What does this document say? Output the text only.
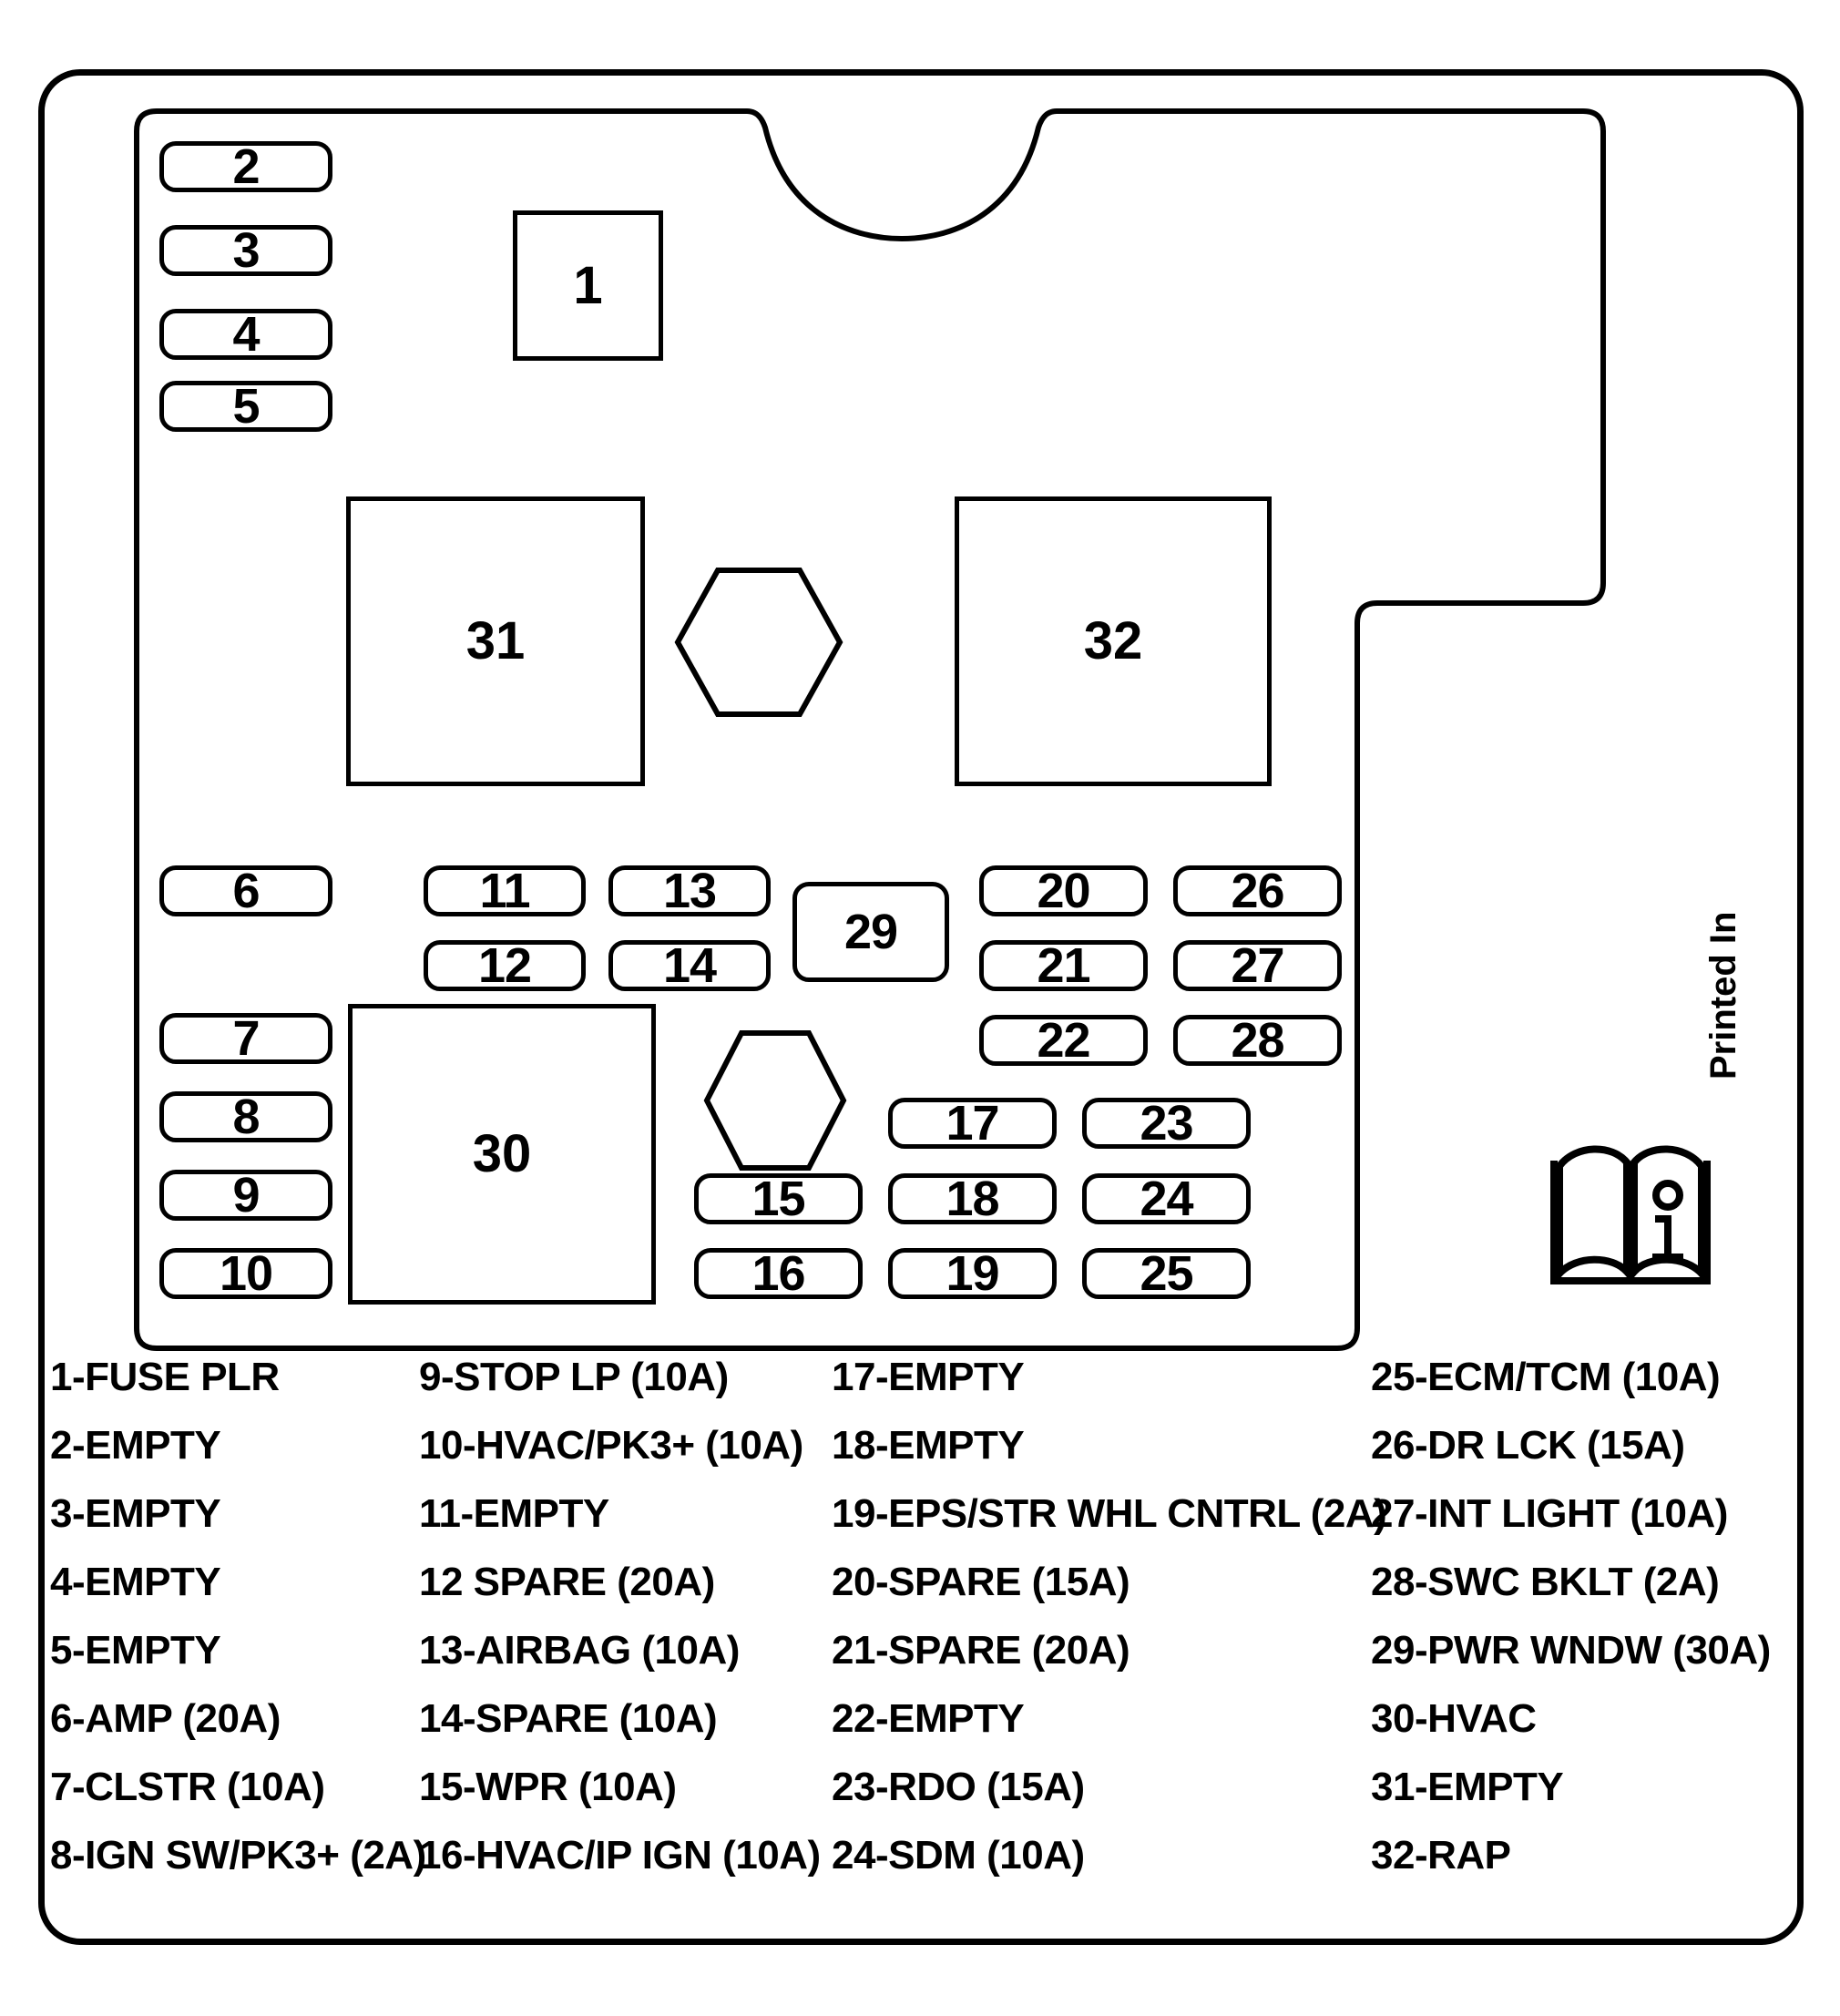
2
3
4
5
1
31	32
6
7
8
9
10
30
11
12
13
14
29
20	26
21	27
22	28
17	23
15	18	24
16	19	25
Printed In
1-FUSE PLR
2-EMPTY
3-EMPTY
4-EMPTY
5-EMPTY
6-AMP (20A)
7-CLSTR (10A)
8-IGN SW/PK3+ (2A)
9-STOP LP (10A)
10-HVAC/PK3+ (10A)
11-EMPTY
12 SPARE (20A)
13-AIRBAG (10A)
14-SPARE (10A)
15-WPR (10A)
16-HVAC/IP IGN (10A)
17-EMPTY
18-EMPTY
19-EPS/STR WHL CNTRL (2A)
20-SPARE (15A)
21-SPARE (20A)
22-EMPTY
23-RDO (15A)
24-SDM (10A)
25-ECM/TCM (10A)
26-DR LCK (15A)
27-INT LIGHT (10A)
28-SWC BKLT (2A)
29-PWR WNDW (30A)
30-HVAC
31-EMPTY
32-RAP
